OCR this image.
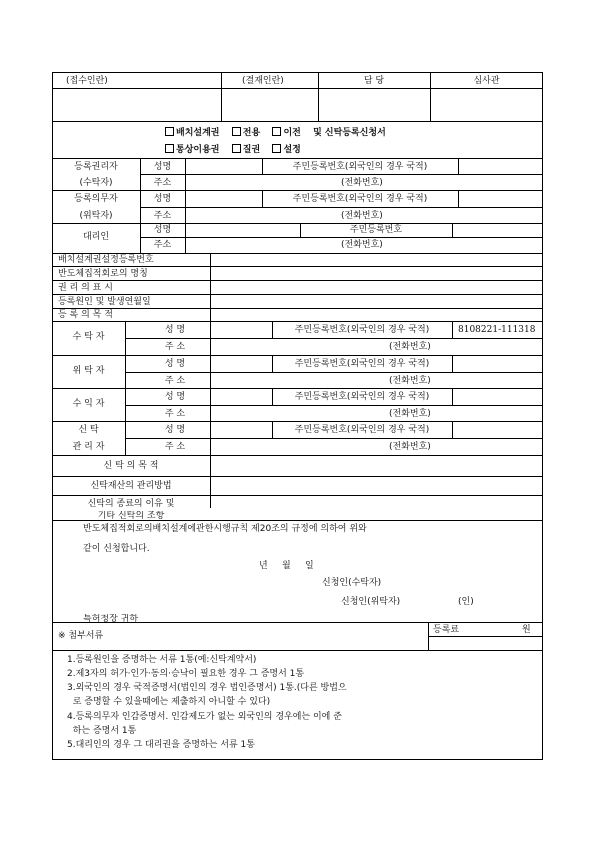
(접수인란)	(결재인란)	담 당	심사관
배치설계권	전용	이전 및 신탁등록신청서
통상이용권	질권	설정
등록권리자
(수탁자)
성명	주민등록번호(외국인의 경우 국적)
주소	(전화번호)
등록의무자
(위탁자)
성명	주민등록번호(외국인의 경우 국적)
주소	(전화번호)
대리인
성명	주민등록번호
주소	(전화번호)
배치설계권설정등록번호
반도체집적회로의 명칭
권 리 의 표 시
등록원인 및 발생연월일
등 록 의 목 적
수 탁 자
성 명	주민등록번호(외국인의 경우 국적)	8108221-111318
주 소	(전화번호)
위 탁 자
성 명	주민등록번호(외국인의 경우 국적)
주 소	(전화번호)
수 익 자
성 명	주민등록번호(외국인의 경우 국적)
주 소	(전화번호)
신 탁
관 리 자
성 명	주민등록번호(외국인의 경우 국적)
주 소	(전화번호)
신 탁 의 목 적
신탁재산의 관리방법
신탁의 종료의 이유 및
기타 신탁의 조항
반도체집적회로의배치설계에관한시행규칙 제20조의 규정에 의하여 위와
같이 신청합니다.
년     월     일
신청인(수탁자)
신청인(위탁자)	(인)
특허청장 귀하
※ 첨부서류
등록료	원
1.등록원인을 증명하는 서류 1통(예:신탁계약서)
2.제3자의 허가·인가·동의·승낙이 필요한 경우 그 증명서 1통
3.외국인의 경우 국적증명서(법인의 경우 법인증명서) 1통.(다른 방법으
로 증명할 수 있을때에는 제출하지 아니할 수 있다)
4.등록의무자 인감증명서. 인감제도가 없는 외국인의 경우에는 이에 준
하는 증명서 1통
5.대리인의 경우 그 대리권을 증명하는 서류 1통
